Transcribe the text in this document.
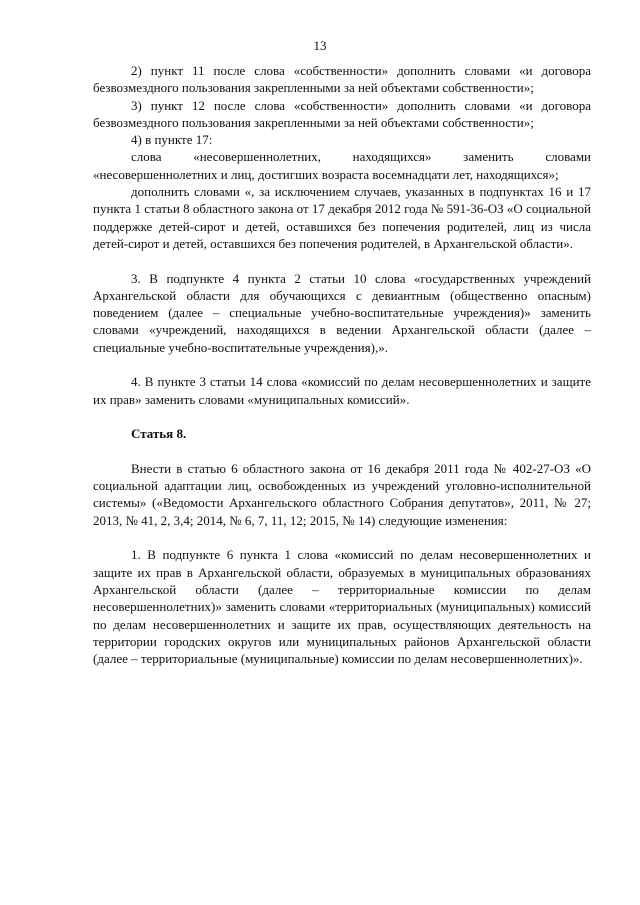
13

2) пункт 11 после слова «собственности» дополнить словами «и договора безвозмездного пользования закрепленными за ней объектами собственности»;

3) пункт 12 после слова «собственности» дополнить словами «и договора безвозмездного пользования закрепленными за ней объектами собственности»;

4) в пункте 17:

слова «несовершеннолетних, находящихся» заменить словами «несовершеннолетних и лиц, достигших возраста восемнадцати лет, находящихся»;

дополнить словами «, за исключением случаев, указанных в подпунктах 16 и 17 пункта 1 статьи 8 областного закона от 17 декабря 2012 года № 591-36-ОЗ «О социальной поддержке детей-сирот и детей, оставшихся без попечения родителей, лиц из числа детей-сирот и детей, оставшихся без попечения родителей, в Архангельской области».

3. В подпункте 4 пункта 2 статьи 10 слова «государственных учреждений Архангельской области для обучающихся с девиантным (общественно опасным) поведением (далее – специальные учебно-воспитательные учреждения)» заменить словами «учреждений, находящихся в ведении Архангельской области (далее – специальные учебно-воспитательные учреждения),».

4. В пункте 3 статьи 14 слова «комиссий по делам несовершеннолетних и защите их прав» заменить словами «муниципальных комиссий».

Статья 8.

Внести в статью 6 областного закона от 16 декабря 2011 года № 402-27-ОЗ «О социальной адаптации лиц, освобожденных из учреждений уголовно-исполнительной системы» («Ведомости Архангельского областного Собрания депутатов», 2011, № 27; 2013, № 41, 2, 3,4; 2014, № 6, 7, 11, 12; 2015, № 14) следующие изменения:

1. В подпункте 6 пункта 1 слова «комиссий по делам несовершеннолетних и защите их прав в Архангельской области, образуемых в муниципальных образованиях Архангельской области (далее – территориальные комиссии по делам несовершеннолетних)» заменить словами «территориальных (муниципальных) комиссий по делам несовершеннолетних и защите их прав, осуществляющих деятельность на территории городских округов или муниципальных районов Архангельской области (далее – территориальные (муниципальные) комиссии по делам несовершеннолетних)».
